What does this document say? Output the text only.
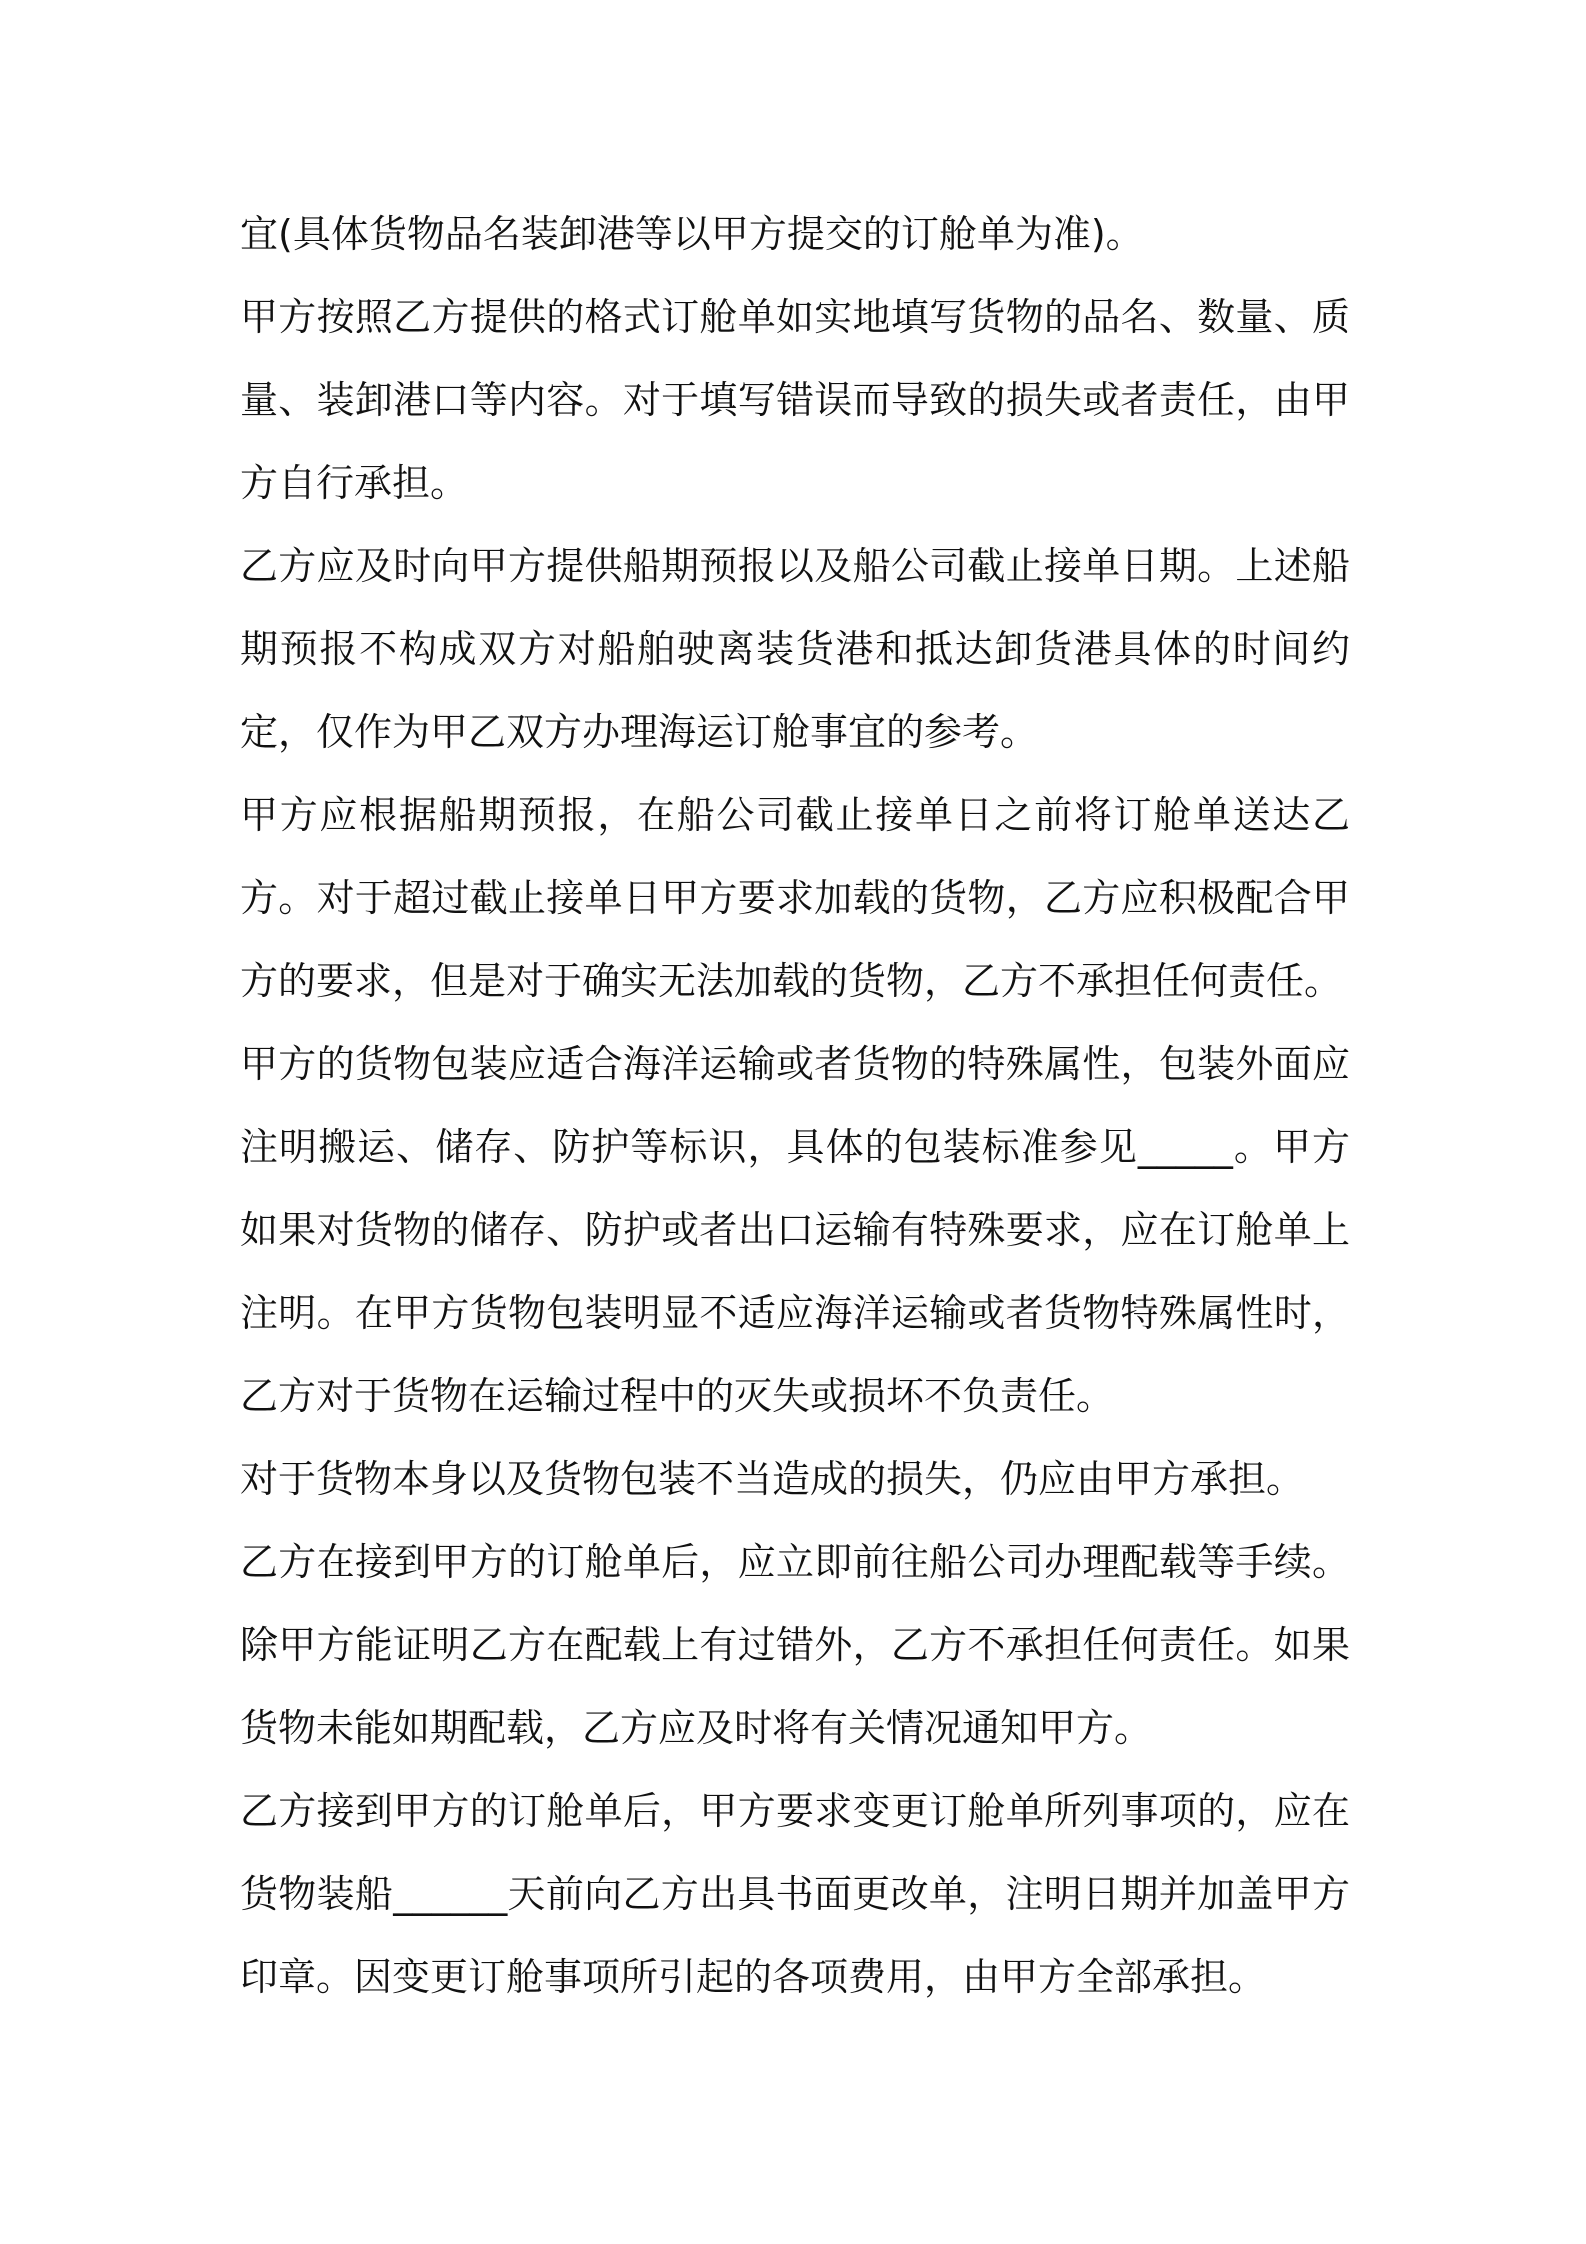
宜(具体货物品名装卸港等以甲方提交的订舱单为准)。

甲方按照乙方提供的格式订舱单如实地填写货物的品名、数量、质量、装卸港口等内容。对于填写错误而导致的损失或者责任，由甲方自行承担。

乙方应及时向甲方提供船期预报以及船公司截止接单日期。上述船期预报不构成双方对船舶驶离装货港和抵达卸货港具体的时间约定，仅作为甲乙双方办理海运订舱事宜的参考。

甲方应根据船期预报，在船公司截止接单日之前将订舱单送达乙方。对于超过截止接单日甲方要求加载的货物，乙方应积极配合甲方的要求，但是对于确实无法加载的货物，乙方不承担任何责任。

甲方的货物包装应适合海洋运输或者货物的特殊属性，包装外面应注明搬运、储存、防护等标识，具体的包装标准参见_____。甲方如果对货物的储存、防护或者出口运输有特殊要求，应在订舱单上注明。在甲方货物包装明显不适应海洋运输或者货物特殊属性时，乙方对于货物在运输过程中的灭失或损坏不负责任。

对于货物本身以及货物包装不当造成的损失，仍应由甲方承担。

乙方在接到甲方的订舱单后，应立即前往船公司办理配载等手续。除甲方能证明乙方在配载上有过错外，乙方不承担任何责任。如果货物未能如期配载，乙方应及时将有关情况通知甲方。

乙方接到甲方的订舱单后，甲方要求变更订舱单所列事项的，应在货物装船______天前向乙方出具书面更改单，注明日期并加盖甲方印章。因变更订舱事项所引起的各项费用，由甲方全部承担。
